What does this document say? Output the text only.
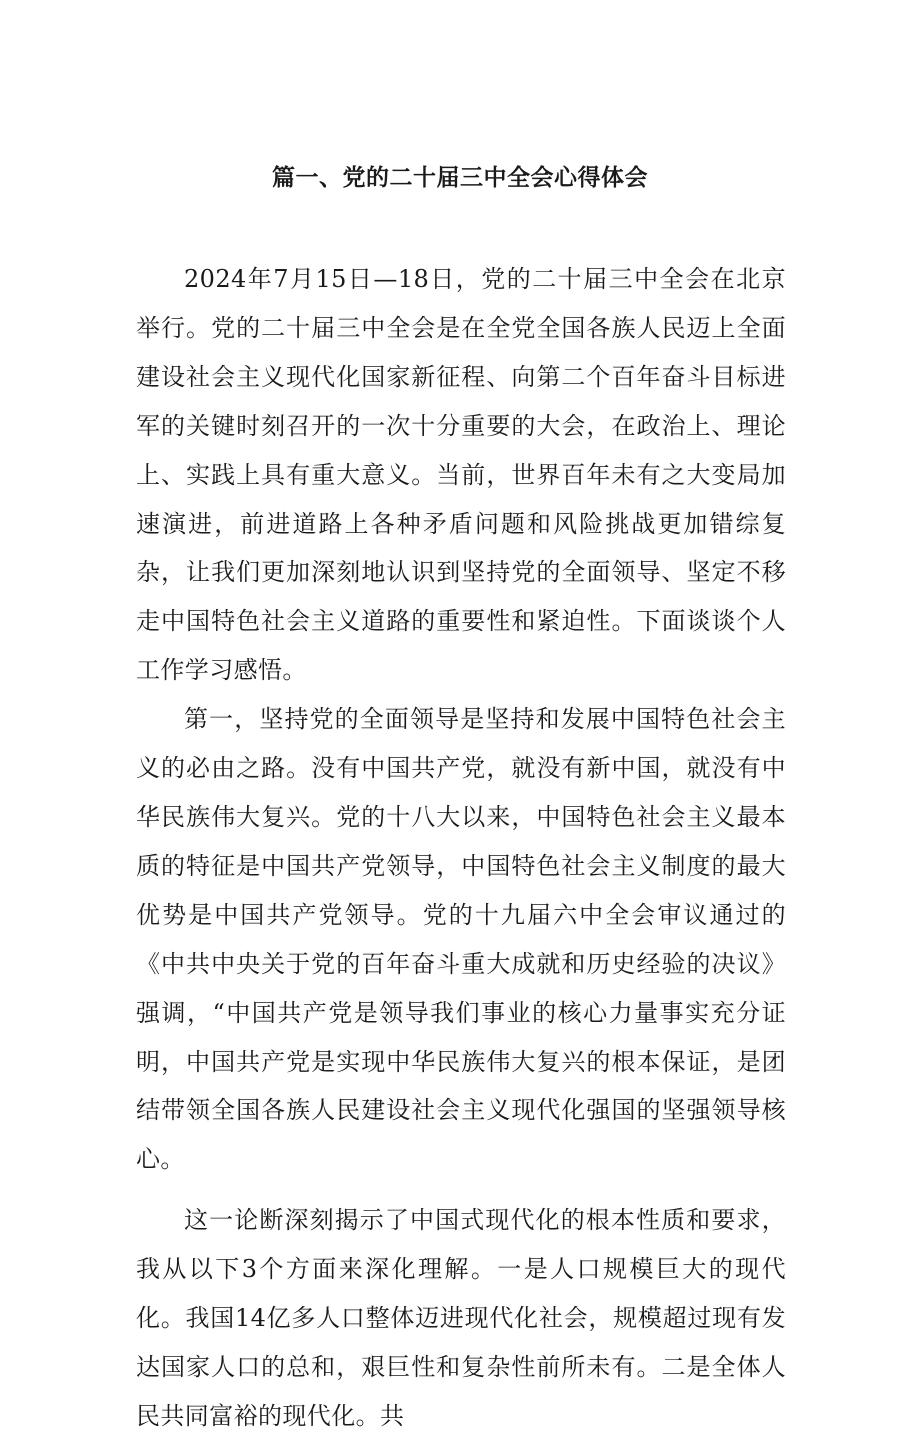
篇一、党的二十届三中全会心得体会

2024年7月15日—18日，党的二十届三中全会在北京举行。党的二十届三中全会是在全党全国各族人民迈上全面建设社会主义现代化国家新征程、向第二个百年奋斗目标进军的关键时刻召开的一次十分重要的大会，在政治上、理论上、实践上具有重大意义。当前，世界百年未有之大变局加速演进，前进道路上各种矛盾问题和风险挑战更加错综复杂，让我们更加深刻地认识到坚持党的全面领导、坚定不移走中国特色社会主义道路的重要性和紧迫性。下面谈谈个人工作学习感悟。

第一，坚持党的全面领导是坚持和发展中国特色社会主义的必由之路。没有中国共产党，就没有新中国，就没有中华民族伟大复兴。党的十八大以来，中国特色社会主义最本质的特征是中国共产党领导，中国特色社会主义制度的最大优势是中国共产党领导。党的十九届六中全会审议通过的《中共中央关于党的百年奋斗重大成就和历史经验的决议》强调，“中国共产党是领导我们事业的核心力量事实充分证明，中国共产党是实现中华民族伟大复兴的根本保证，是团结带领全国各族人民建设社会主义现代化强国的坚强领导核心。

这一论断深刻揭示了中国式现代化的根本性质和要求，我从以下3个方面来深化理解。一是人口规模巨大的现代化。我国14亿多人口整体迈进现代化社会，规模超过现有发达国家人口的总和，艰巨性和复杂性前所未有。二是全体人民共同富裕的现代化。共
